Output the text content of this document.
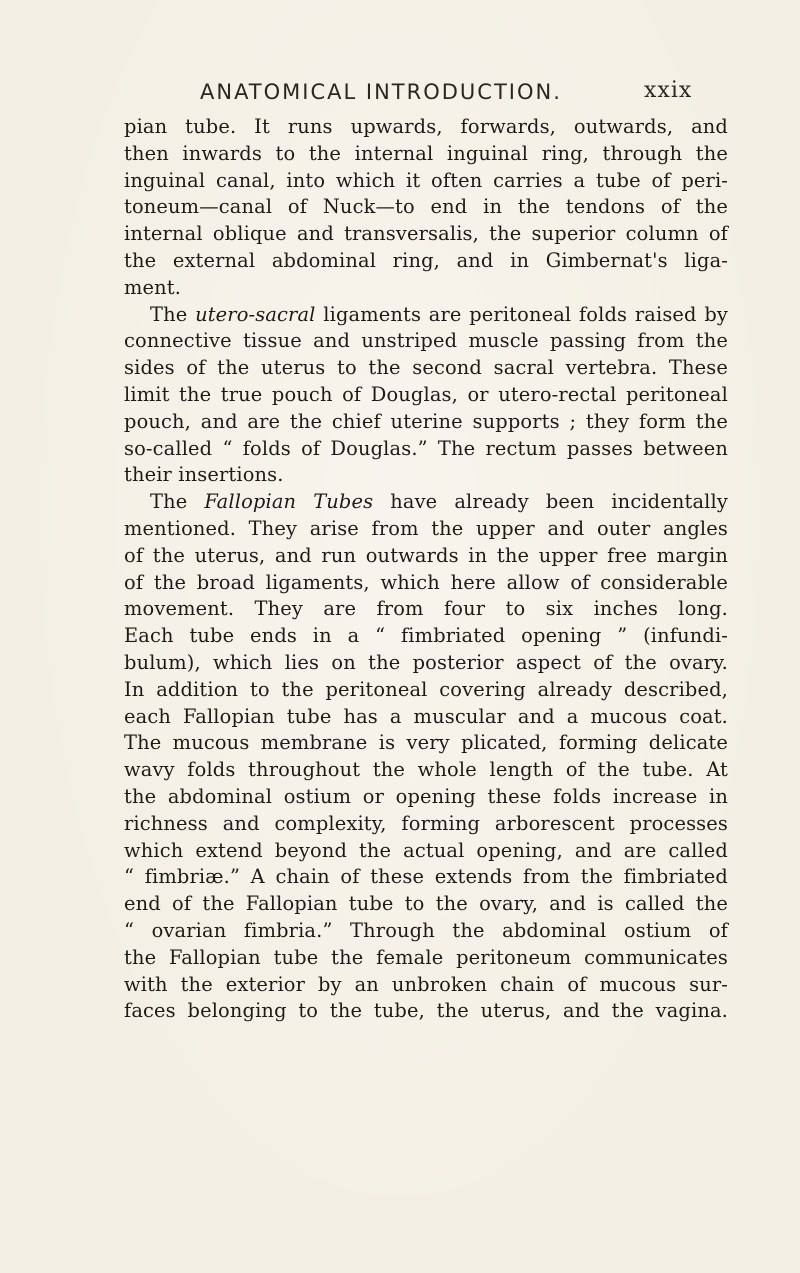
ANATOMICAL INTRODUCTION.	xxix
pian tube. It runs upwards, forwards, outwards, and
then inwards to the internal inguinal ring, through the
inguinal canal, into which it often carries a tube of peri-
toneum—canal of Nuck—to end in the tendons of the
internal oblique and transversalis, the superior column of
the external abdominal ring, and in Gimbernat's liga-
ment.
The utero-sacral ligaments are peritoneal folds raised by
connective tissue and unstriped muscle passing from the
sides of the uterus to the second sacral vertebra. These
limit the true pouch of Douglas, or utero-rectal peritoneal
pouch, and are the chief uterine supports ; they form the
so-called “ folds of Douglas.” The rectum passes between
their insertions.
The Fallopian Tubes have already been incidentally
mentioned. They arise from the upper and outer angles
of the uterus, and run outwards in the upper free margin
of the broad ligaments, which here allow of considerable
movement. They are from four to six inches long.
Each tube ends in a “ fimbriated opening ” (infundi-
bulum), which lies on the posterior aspect of the ovary.
In addition to the peritoneal covering already described,
each Fallopian tube has a muscular and a mucous coat.
The mucous membrane is very plicated, forming delicate
wavy folds throughout the whole length of the tube. At
the abdominal ostium or opening these folds increase in
richness and complexity, forming arborescent processes
which extend beyond the actual opening, and are called
“ fimbriæ.” A chain of these extends from the fimbriated
end of the Fallopian tube to the ovary, and is called the
“ ovarian fimbria.” Through the abdominal ostium of
the Fallopian tube the female peritoneum communicates
with the exterior by an unbroken chain of mucous sur-
faces belonging to the tube, the uterus, and the vagina.
